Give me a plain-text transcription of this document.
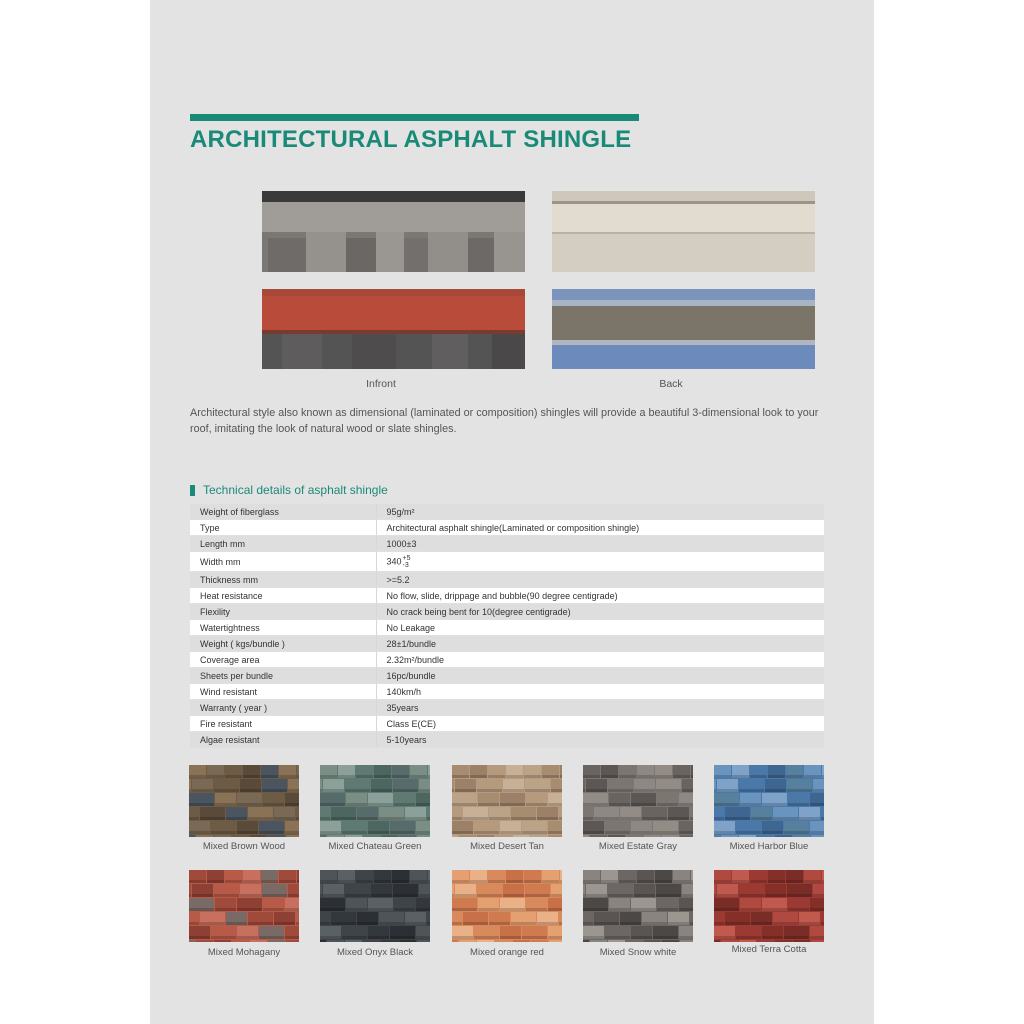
ARCHITECTURAL ASPHALT SHINGLE
Infront	Back
Architectural style also known as dimensional (laminated or composition) shingles will provide a beautiful 3-dimensional look to your roof, imitating the look of natural wood or slate shingles.
Technical details of asphalt shingle
Weight of fiberglass	95g/m²
Type	Architectural asphalt shingle(Laminated or composition shingle)
Length mm	1000±3
Width mm	340 +5
-3

Thickness mm	>=5.2
Heat resistance	No flow, slide, drippage and bubble(90 degree centigrade)
Flexility	No crack being bent for 10(degree centigrade)
Watertightness	No Leakage
Weight ( kgs/bundle )	28±1/bundle
Coverage area	2.32m²/bundle
Sheets per bundle	16pc/bundle
Wind resistant	140km/h
Warranty ( year )	35years
Fire resistant	Class E(CE)
Algae resistant	5-10years
Mixed Brown Wood	Mixed Chateau Green	Mixed Desert Tan	Mixed Estate Gray	Mixed Harbor Blue
Mixed Mohagany	Mixed Onyx Black	Mixed orange red	Mixed Snow white	Mixed Terra Cotta
